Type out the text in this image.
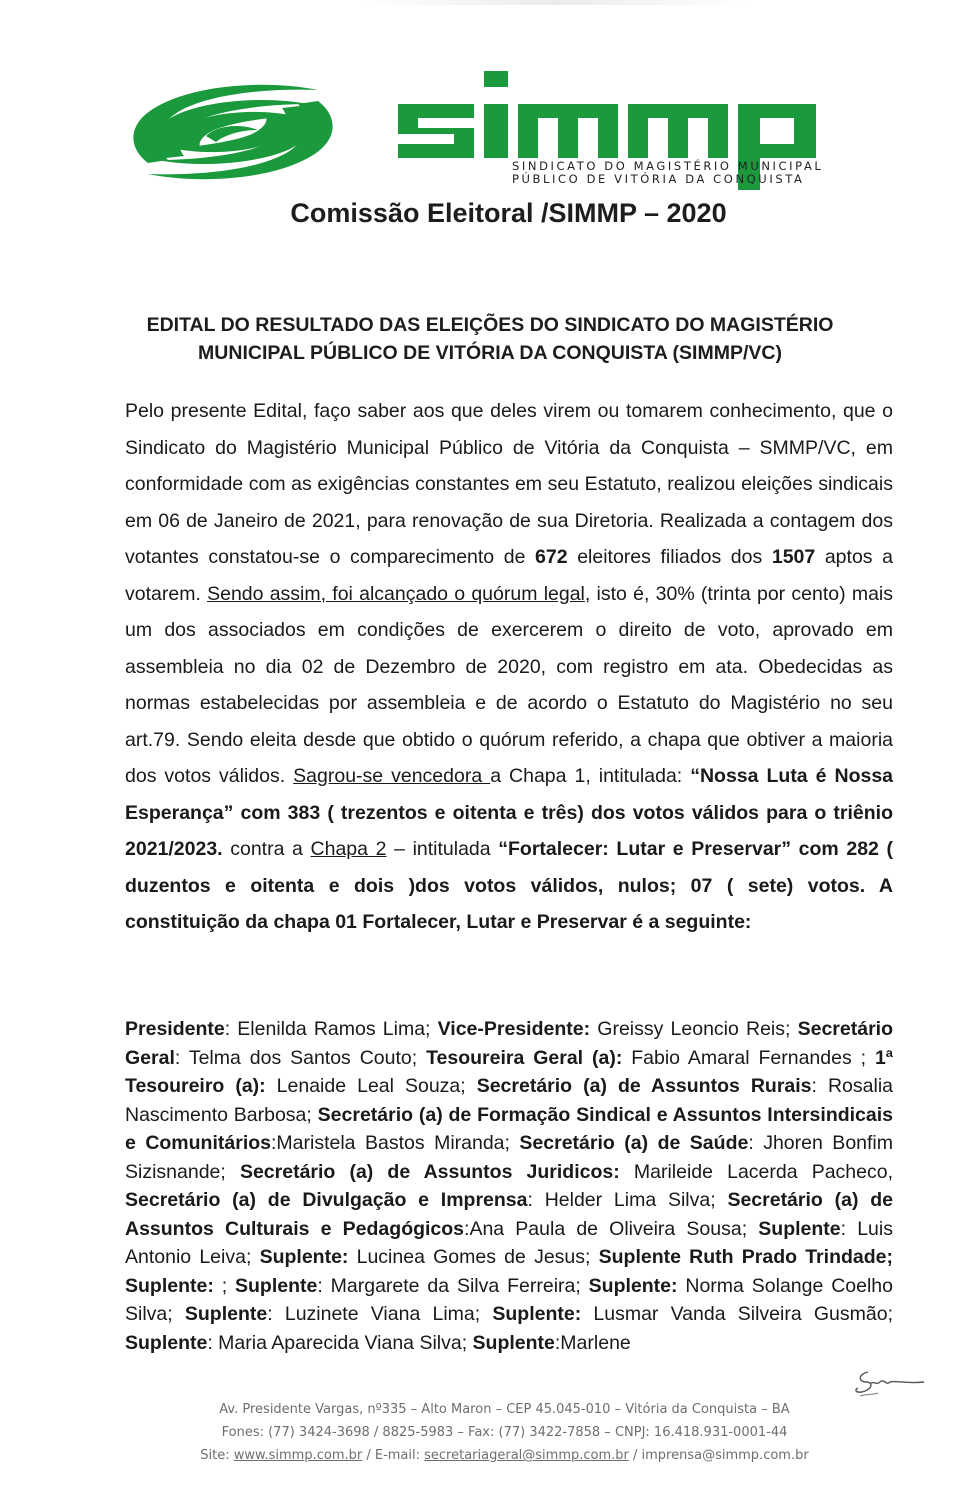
SINDICATO DO MAGISTÉRIO MUNICIPAL
PÚBLICO DE VITÓRIA DA CONQUISTA
Comissão Eleitoral /SIMMP – 2020
EDITAL DO RESULTADO DAS ELEIÇÕES DO SINDICATO DO MAGISTÉRIO
MUNICIPAL PÚBLICO DE VITÓRIA DA CONQUISTA (SIMMP/VC)
Pelo presente Edital, faço saber aos que deles virem ou tomarem conhecimento, que o Sindicato do Magistério Municipal Público de Vitória da Conquista – SMMP/VC, em conformidade com as exigências constantes em seu Estatuto, realizou eleições sindicais em 06 de Janeiro de 2021, para renovação de sua Diretoria. Realizada a contagem dos votantes constatou-se o comparecimento de 672 eleitores filiados dos 1507 aptos a votarem. Sendo assim, foi alcançado o quórum legal, isto é, 30% (trinta por cento) mais um dos associados em condições de exercerem o direito de voto, aprovado em assembleia no dia 02 de Dezembro de 2020, com registro em ata. Obedecidas as normas estabelecidas por assembleia e de acordo o Estatuto do Magistério no seu art.79. Sendo eleita desde que obtido o quórum referido, a chapa que obtiver a maioria dos votos válidos. Sagrou-se vencedora a Chapa 1, intitulada: “Nossa Luta é Nossa Esperança” com 383 ( trezentos e oitenta e três) dos votos válidos para o triênio 2021/2023. contra a Chapa 2 – intitulada “Fortalecer: Lutar e Preservar” com 282 ( duzentos e oitenta e dois )dos votos válidos, nulos; 07 ( sete) votos. A constituição da chapa 01 Fortalecer, Lutar e Preservar é a seguinte:
Presidente: Elenilda Ramos Lima; Vice-Presidente: Greissy Leoncio Reis; Secretário Geral: Telma dos Santos Couto; Tesoureira Geral (a): Fabio Amaral Fernandes ; 1ª Tesoureiro (a): Lenaide Leal Souza; Secretário (a) de Assuntos Rurais: Rosalia Nascimento Barbosa; Secretário (a) de Formação Sindical e Assuntos Intersindicais e Comunitários:Maristela Bastos Miranda; Secretário (a) de Saúde: Jhoren Bonfim Sizisnande; Secretário (a) de Assuntos Juridicos: Marileide Lacerda Pacheco, Secretário (a) de Divulgação e Imprensa: Helder Lima Silva; Secretário (a) de Assuntos Culturais e Pedagógicos:Ana Paula de Oliveira Sousa; Suplente: Luis Antonio Leiva; Suplente: Lucinea Gomes de Jesus; Suplente Ruth Prado Trindade; Suplente: ; Suplente: Margarete da Silva Ferreira; Suplente: Norma Solange Coelho Silva; Suplente: Luzinete Viana Lima; Suplente: Lusmar Vanda Silveira Gusmão; Suplente: Maria Aparecida Viana Silva; Suplente:Marlene
Av. Presidente Vargas, nº335 – Alto Maron – CEP 45.045-010 – Vitória da Conquista – BA
Fones: (77) 3424-3698 / 8825-5983 – Fax: (77) 3422-7858 – CNPJ: 16.418.931-0001-44
Site: www.simmp.com.br / E-mail: secretariageral@simmp.com.br / imprensa@simmp.com.br
